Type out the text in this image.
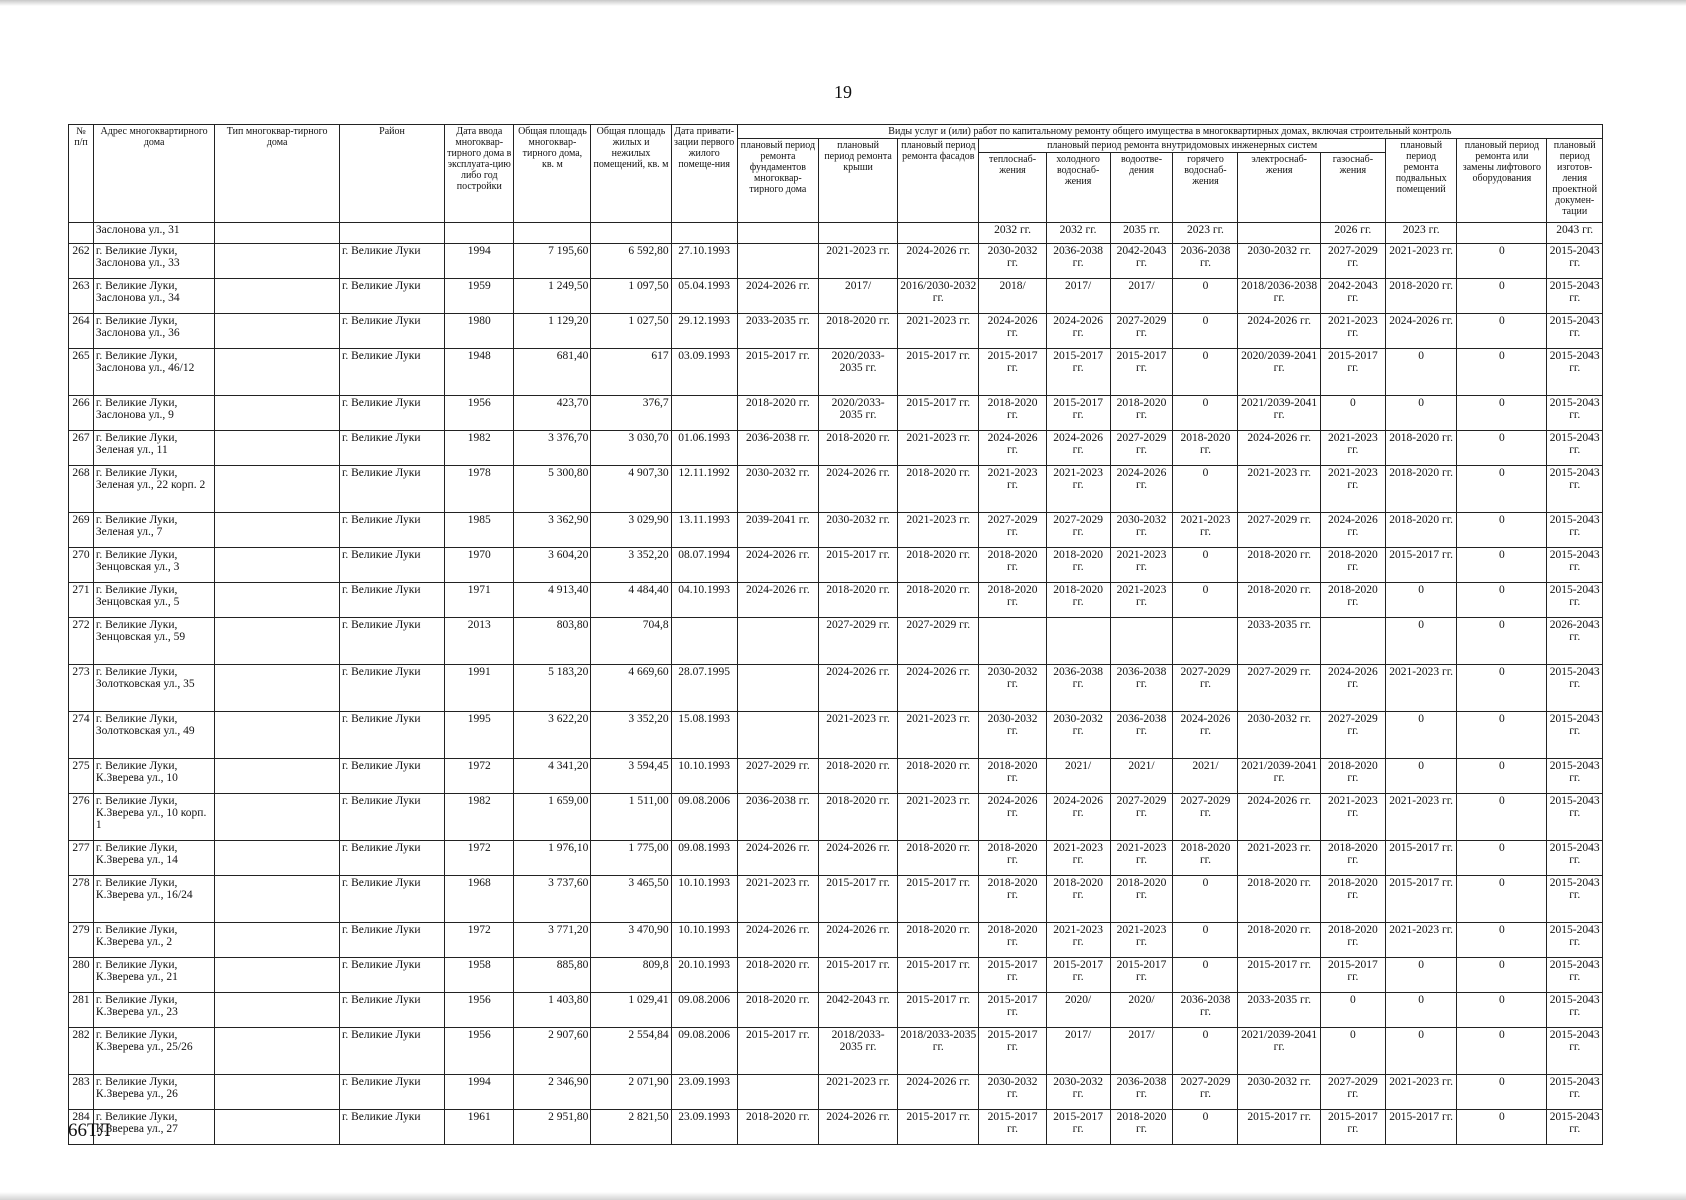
19
№ п/п	Адрес многоквартирного дома	Тип многоквар-тирного дома	Район	Дата ввода многоквар-тирного дома в эксплуата-цию либо год постройки	Общая площадь многоквар-тирного дома, кв. м	Общая площадь жилых и нежилых помещений, кв. м	Дата привати-зации первого жилого помеще-ния	Виды услуг и (или) работ по капитальному ремонту общего имущества в многоквартирных домах, включая строительный контроль											
								плановый период ремонта фундаментов многоквар-тирного дома	плановый период ремонта крыши	плановый период ремонта фасадов	плановый период ремонта внутридомовых инженерных систем						плановый период ремонта подвальных помещений	плановый период ремонта или замены лифтового оборудования	плановый период изготов-ления проектной докумен-тации
											теплоснаб-жения	холодного водоснаб-жения	водоотве-дения	горячего водоснаб-жения	электроснаб-жения	газоснаб-жения			
	Заслонова ул., 31										2032 гг.	2032 гг.	2035 гг.	2023 гг.		2026 гг.	2023 гг.		2043 гг.
262	г. Великие Луки, Заслонова ул., 33		г. Великие Луки	1994	7 195,60	6 592,80	27.10.1993		2021-2023 гг.	2024-2026 гг.	2030-2032 гг.	2036-2038 гг.	2042-2043 гг.	2036-2038 гг.	2030-2032 гг.	2027-2029 гг.	2021-2023 гг.	0	2015-2043 гг.
263	г. Великие Луки, Заслонова ул., 34		г. Великие Луки	1959	1 249,50	1 097,50	05.04.1993	2024-2026 гг.	2017/	2016/2030-2032 гг.	2018/	2017/	2017/	0	2018/2036-2038 гг.	2042-2043 гг.	2018-2020 гг.	0	2015-2043 гг.
264	г. Великие Луки, Заслонова ул., 36		г. Великие Луки	1980	1 129,20	1 027,50	29.12.1993	2033-2035 гг.	2018-2020 гг.	2021-2023 гг.	2024-2026 гг.	2024-2026 гг.	2027-2029 гг.	0	2024-2026 гг.	2021-2023 гг.	2024-2026 гг.	0	2015-2043 гг.
265	г. Великие Луки, Заслонова ул., 46/12		г. Великие Луки	1948	681,40	617	03.09.1993	2015-2017 гг.	2020/2033-2035 гг.	2015-2017 гг.	2015-2017 гг.	2015-2017 гг.	2015-2017 гг.	0	2020/2039-2041 гг.	2015-2017 гг.	0	0	2015-2043 гг.
266	г. Великие Луки, Заслонова ул., 9		г. Великие Луки	1956	423,70	376,7		2018-2020 гг.	2020/2033-2035 гг.	2015-2017 гг.	2018-2020 гг.	2015-2017 гг.	2018-2020 гг.	0	2021/2039-2041 гг.	0	0	0	2015-2043 гг.
267	г. Великие Луки, Зеленая ул., 11		г. Великие Луки	1982	3 376,70	3 030,70	01.06.1993	2036-2038 гг.	2018-2020 гг.	2021-2023 гг.	2024-2026 гг.	2024-2026 гг.	2027-2029 гг.	2018-2020 гг.	2024-2026 гг.	2021-2023 гг.	2018-2020 гг.	0	2015-2043 гг.
268	г. Великие Луки, Зеленая ул., 22 корп. 2		г. Великие Луки	1978	5 300,80	4 907,30	12.11.1992	2030-2032 гг.	2024-2026 гг.	2018-2020 гг.	2021-2023 гг.	2021-2023 гг.	2024-2026 гг.	0	2021-2023 гг.	2021-2023 гг.	2018-2020 гг.	0	2015-2043 гг.
269	г. Великие Луки, Зеленая ул., 7		г. Великие Луки	1985	3 362,90	3 029,90	13.11.1993	2039-2041 гг.	2030-2032 гг.	2021-2023 гг.	2027-2029 гг.	2027-2029 гг.	2030-2032 гг.	2021-2023 гг.	2027-2029 гг.	2024-2026 гг.	2018-2020 гг.	0	2015-2043 гг.
270	г. Великие Луки, Зенцовская ул., 3		г. Великие Луки	1970	3 604,20	3 352,20	08.07.1994	2024-2026 гг.	2015-2017 гг.	2018-2020 гг.	2018-2020 гг.	2018-2020 гг.	2021-2023 гг.	0	2018-2020 гг.	2018-2020 гг.	2015-2017 гг.	0	2015-2043 гг.
271	г. Великие Луки, Зенцовская ул., 5		г. Великие Луки	1971	4 913,40	4 484,40	04.10.1993	2024-2026 гг.	2018-2020 гг.	2018-2020 гг.	2018-2020 гг.	2018-2020 гг.	2021-2023 гг.	0	2018-2020 гг.	2018-2020 гг.	0	0	2015-2043 гг.
272	г. Великие Луки, Зенцовская ул., 59		г. Великие Луки	2013	803,80	704,8			2027-2029 гг.	2027-2029 гг.					2033-2035 гг.		0	0	2026-2043 гг.
273	г. Великие Луки, Золотковская ул., 35		г. Великие Луки	1991	5 183,20	4 669,60	28.07.1995		2024-2026 гг.	2024-2026 гг.	2030-2032 гг.	2036-2038 гг.	2036-2038 гг.	2027-2029 гг.	2027-2029 гг.	2024-2026 гг.	2021-2023 гг.	0	2015-2043 гг.
274	г. Великие Луки, Золотковская ул., 49		г. Великие Луки	1995	3 622,20	3 352,20	15.08.1993		2021-2023 гг.	2021-2023 гг.	2030-2032 гг.	2030-2032 гг.	2036-2038 гг.	2024-2026 гг.	2030-2032 гг.	2027-2029 гг.	0	0	2015-2043 гг.
275	г. Великие Луки, К.Зверева ул., 10		г. Великие Луки	1972	4 341,20	3 594,45	10.10.1993	2027-2029 гг.	2018-2020 гг.	2018-2020 гг.	2018-2020 гг.	2021/	2021/	2021/	2021/2039-2041 гг.	2018-2020 гг.	0	0	2015-2043 гг.
276	г. Великие Луки, К.Зверева ул., 10 корп. 1		г. Великие Луки	1982	1 659,00	1 511,00	09.08.2006	2036-2038 гг.	2018-2020 гг.	2021-2023 гг.	2024-2026 гг.	2024-2026 гг.	2027-2029 гг.	2027-2029 гг.	2024-2026 гг.	2021-2023 гг.	2021-2023 гг.	0	2015-2043 гг.
277	г. Великие Луки, К.Зверева ул., 14		г. Великие Луки	1972	1 976,10	1 775,00	09.08.1993	2024-2026 гг.	2024-2026 гг.	2018-2020 гг.	2018-2020 гг.	2021-2023 гг.	2021-2023 гг.	2018-2020 гг.	2021-2023 гг.	2018-2020 гг.	2015-2017 гг.	0	2015-2043 гг.
278	г. Великие Луки, К.Зверева ул., 16/24		г. Великие Луки	1968	3 737,60	3 465,50	10.10.1993	2021-2023 гг.	2015-2017 гг.	2015-2017 гг.	2018-2020 гг.	2018-2020 гг.	2018-2020 гг.	0	2018-2020 гг.	2018-2020 гг.	2015-2017 гг.	0	2015-2043 гг.
279	г. Великие Луки, К.Зверева ул., 2		г. Великие Луки	1972	3 771,20	3 470,90	10.10.1993	2024-2026 гг.	2024-2026 гг.	2018-2020 гг.	2018-2020 гг.	2021-2023 гг.	2021-2023 гг.	0	2018-2020 гг.	2018-2020 гг.	2021-2023 гг.	0	2015-2043 гг.
280	г. Великие Луки, К.Зверева ул., 21		г. Великие Луки	1958	885,80	809,8	20.10.1993	2018-2020 гг.	2015-2017 гг.	2015-2017 гг.	2015-2017 гг.	2015-2017 гг.	2015-2017 гг.	0	2015-2017 гг.	2015-2017 гг.	0	0	2015-2043 гг.
281	г. Великие Луки, К.Зверева ул., 23		г. Великие Луки	1956	1 403,80	1 029,41	09.08.2006	2018-2020 гг.	2042-2043 гг.	2015-2017 гг.	2015-2017 гг.	2020/	2020/	2036-2038 гг.	2033-2035 гг.	0	0	0	2015-2043 гг.
282	г. Великие Луки, К.Зверева ул., 25/26		г. Великие Луки	1956	2 907,60	2 554,84	09.08.2006	2015-2017 гг.	2018/2033-2035 гг.	2018/2033-2035 гг.	2015-2017 гг.	2017/	2017/	0	2021/2039-2041 гг.	0	0	0	2015-2043 гг.
283	г. Великие Луки, К.Зверева ул., 26		г. Великие Луки	1994	2 346,90	2 071,90	23.09.1993		2021-2023 гг.	2024-2026 гг.	2030-2032 гг.	2030-2032 гг.	2036-2038 гг.	2027-2029 гг.	2030-2032 гг.	2027-2029 гг.	2021-2023 гг.	0	2015-2043 гг.
284	г. Великие Луки, К.Зверева ул., 27		г. Великие Луки	1961	2 951,80	2 821,50	23.09.1993	2018-2020 гг.	2024-2026 гг.	2015-2017 гг.	2015-2017 гг.	2015-2017 гг.	2018-2020 гг.	0	2015-2017 гг.	2015-2017 гг.	2015-2017 гг.	0	2015-2043 гг.
66ТЛ
